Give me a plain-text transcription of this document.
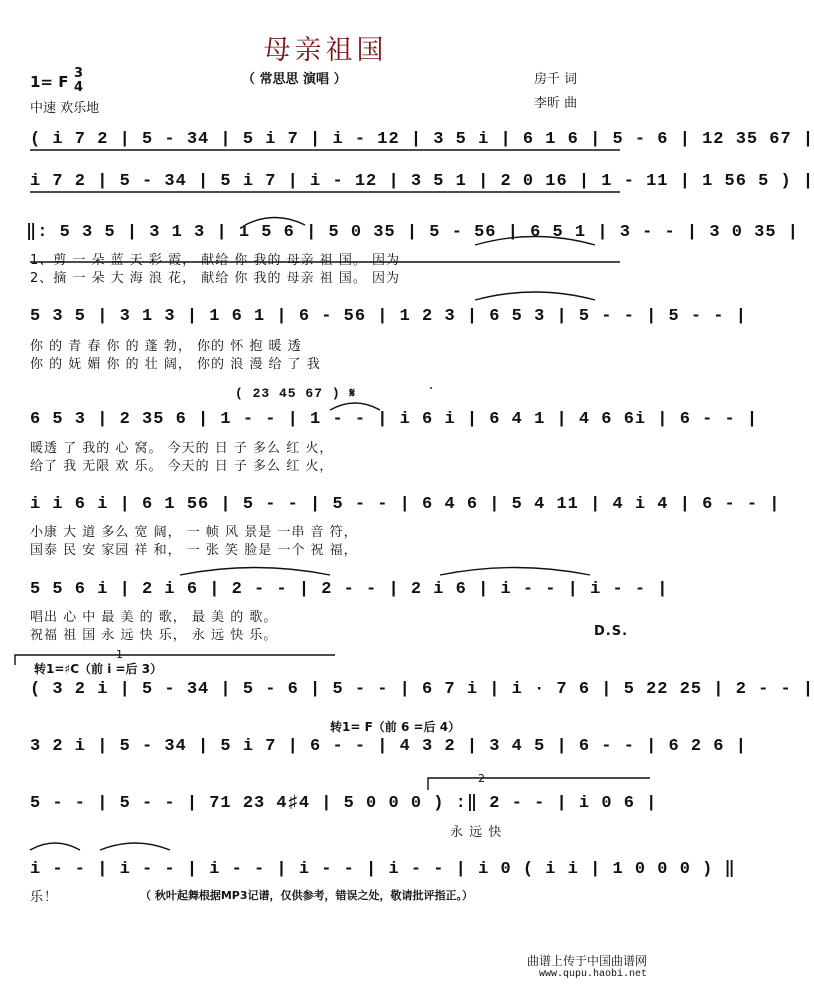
母亲祖国
1= F 3
4
中速 欢乐地
（ 常思思 演唱 ）	房千 词
李昕 曲
( i 7 2 | 5 - 34 | 5 i 7 | i - 12 | 3 5 i | 6 1 6 | 5 - 6 | 12 35 67 |
i 7 2 | 5 - 34 | 5 i 7 | i - 12 | 3 5 1 | 2 0 16 | 1 - 11 | 1 56 5 ) |
‖: 5 3 5 | 3 1 3 | 1 5 6 | 5 0 35 | 5 - 56 | 6 5 1 | 3 - - | 3 0 35 |
1、剪 一 朵 蓝 天 彩 霞， 献给 你 我的 母亲 祖 国。 因为
2、摘 一 朵 大 海 浪 花， 献给 你 我的 母亲 祖 国。 因为
5 3 5 | 3 1 3 | 1 6 1 | 6 - 56 | 1 2 3 | 6 5 3 | 5 - - | 5 - - |
你 的 青 春 你 的 蓬 勃， 你的 怀 抱 暖 透
你 的 妩 媚 你 的 壮 阔， 你的 浪 漫 给 了 我
( 23 45 67 ) 𝄋
6 5 3 | 2 35 6 | 1 - - | 1 - - | i 6 i | 6 4 1 | 4 6 6i | 6 - - |
暖透 了 我的 心 窝。 今天的 日 子 多么 红 火，
给了 我 无限 欢 乐。 今天的 日 子 多么 红 火，
i i 6 i | 6 1 56 | 5 - - | 5 - - | 6 4 6 | 5 4 11 | 4 i 4 | 6 - - |
小康 大 道 多么 宽 阔， 一 帧 风 景是 一串 音 符，
国泰 民 安 家园 祥 和， 一 张 笑 脸是 一个 祝 福，
5 5 6 i | 2 i 6 | 2 - - | 2 - - | 2 i 6 | i - - | i - - |
唱出 心 中 最 美 的 歌， 最 美 的 歌。
祝福 祖 国 永 远 快 乐， 永 远 快 乐。	D.S.
转1=♯C（前 i =后 3）
1
( 3 2 i | 5 - 34 | 5 - 6 | 5 - - | 6 7 i | i · 7 6 | 5 22 25 | 2 - - |
转1= F（前 6 =后 4）
3 2 i | 5 - 34 | 5 i 7 | 6 - - | 4 3 2 | 3 4 5 | 6 - - | 6 2 6 |
2
5 - - | 5 - - | 71 23 4♯4 | 5 0 0 0 ) :‖ 2 - - | i 0 6 |
永 远 快
i - - | i - - | i - - | i - - | i - - | i 0 ( i i | 1 0 0 0 ) ‖
乐！	（ 秋叶起舞根据MP3记谱，仅供参考，错误之处，敬请批评指正。）
曲谱上传于中国曲谱网
www.qupu.haobi.net
